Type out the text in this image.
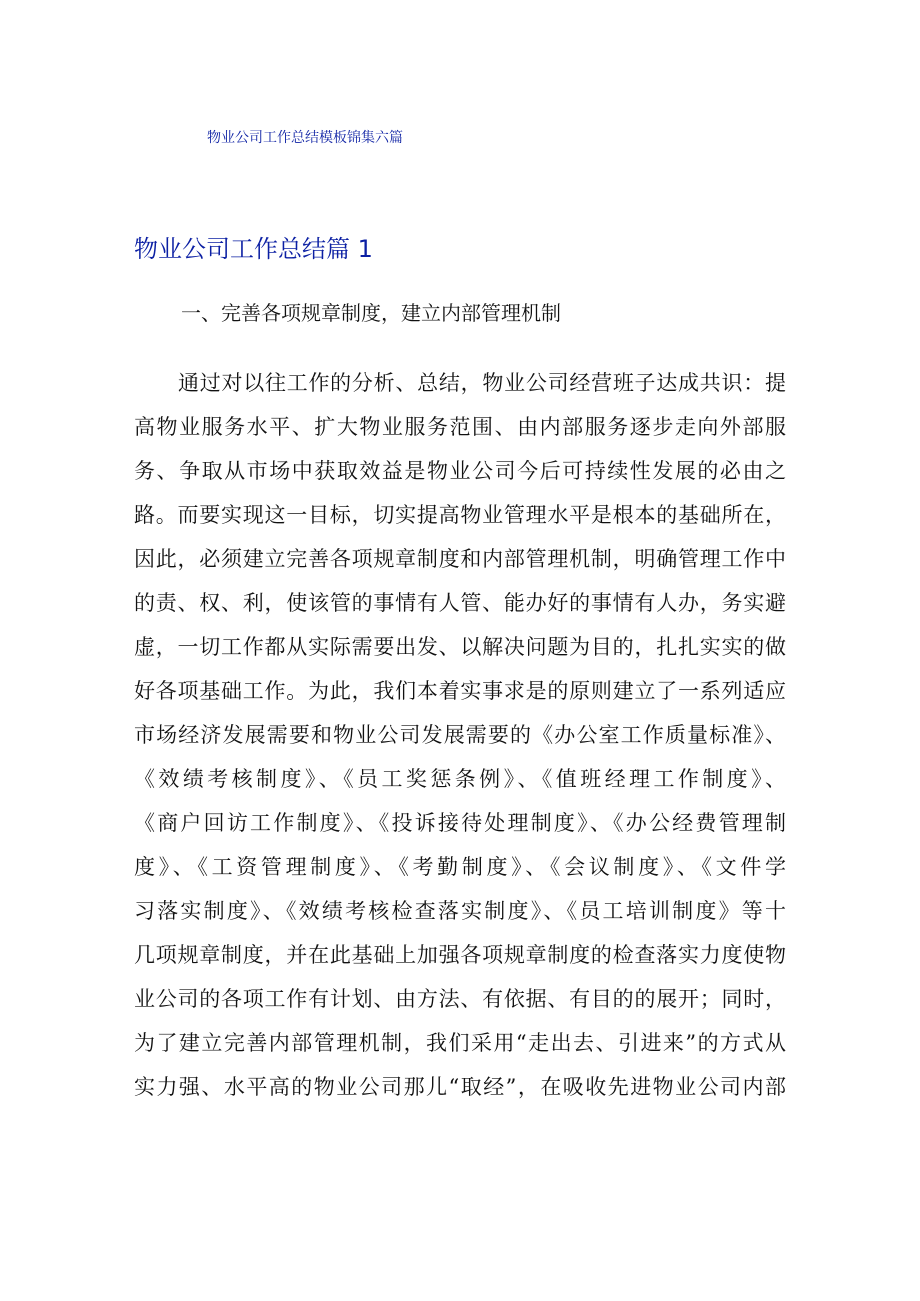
物业公司工作总结模板锦集六篇
物业公司工作总结篇 1
一、完善各项规章制度，建立内部管理机制
通过对以往工作的分析、总结，物业公司经营班子达成共识：提
高物业服务水平、扩大物业服务范围、由内部服务逐步走向外部服
务、争取从市场中获取效益是物业公司今后可持续性发展的必由之
路。而要实现这一目标，切实提高物业管理水平是根本的基础所在，
因此，必须建立完善各项规章制度和内部管理机制，明确管理工作中
的责、权、利，使该管的事情有人管、能办好的事情有人办，务实避
虚，一切工作都从实际需要出发、以解决问题为目的，扎扎实实的做
好各项基础工作。为此，我们本着实事求是的原则建立了一系列适应
市场经济发展需要和物业公司发展需要的《办公室工作质量标准》、
《效绩考核制度》、《员工奖惩条例》、《值班经理工作制度》、
《商户回访工作制度》、《投诉接待处理制度》、《办公经费管理制
度》、《工资管理制度》、《考勤制度》、《会议制度》、《文件学
习落实制度》、《效绩考核检查落实制度》、《员工培训制度》等十
几项规章制度，并在此基础上加强各项规章制度的检查落实力度使物
业公司的各项工作有计划、由方法、有依据、有目的的展开；同时，
为了建立完善内部管理机制，我们采用“走出去、引进来”的方式从
实力强、水平高的物业公司那儿“取经”，在吸收先进物业公司内部
